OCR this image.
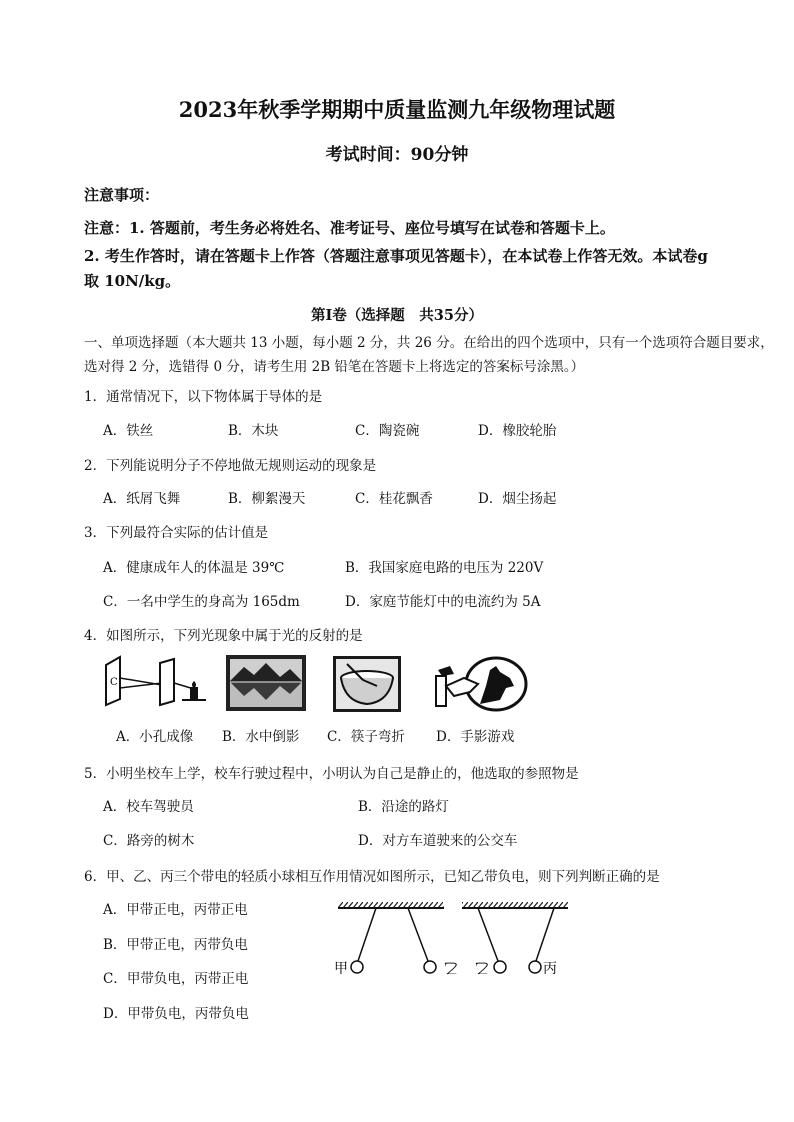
2023年秋季学期期中质量监测九年级物理试题
考试时间：90分钟
注意事项：
注意：1. 答题前，考生务必将姓名、准考证号、座位号填写在试卷和答题卡上。
2. 考生作答时，请在答题卡上作答（答题注意事项见答题卡），在本试卷上作答无效。本试卷g
取 10N/kg。
第Ⅰ卷（选择题　共35分）
一、单项选择题（本大题共 13 小题，每小题 2 分，共 26 分。在给出的四个选项中，只有一个选项符合题目要求，
选对得 2 分，选错得 0 分，请考生用 2B 铅笔在答题卡上将选定的答案标号涂黑。）
1．通常情况下，以下物体属于导体的是
A．铁丝	B．木块	C．陶瓷碗	D．橡胶轮胎
2．下列能说明分子不停地做无规则运动的现象是
A．纸屑飞舞	B．柳絮漫天	C．桂花飘香	D．烟尘扬起
3．下列最符合实际的估计值是
A．健康成年人的体温是 39℃	B．我国家庭电路的电压为 220V
C．一名中学生的身高为 165dm	D．家庭节能灯中的电流约为 5A
4．如图所示，下列光现象中属于光的反射的是
C
A．小孔成像 B．水中倒影 C．筷子弯折 D．手影游戏
5．小明坐校车上学，校车行驶过程中，小明认为自己是静止的，他选取的参照物是
A．校车驾驶员	B．沿途的路灯
C．路旁的树木	D．对方车道驶来的公交车
6．甲、乙、丙三个带电的轻质小球相互作用情况如图所示，已知乙带负电，则下列判断正确的是
A．甲带正电，丙带正电
B．甲带正电，丙带负电
C．甲带负电，丙带正电
D．甲带负电，丙带负电
甲	乙 乙	丙
